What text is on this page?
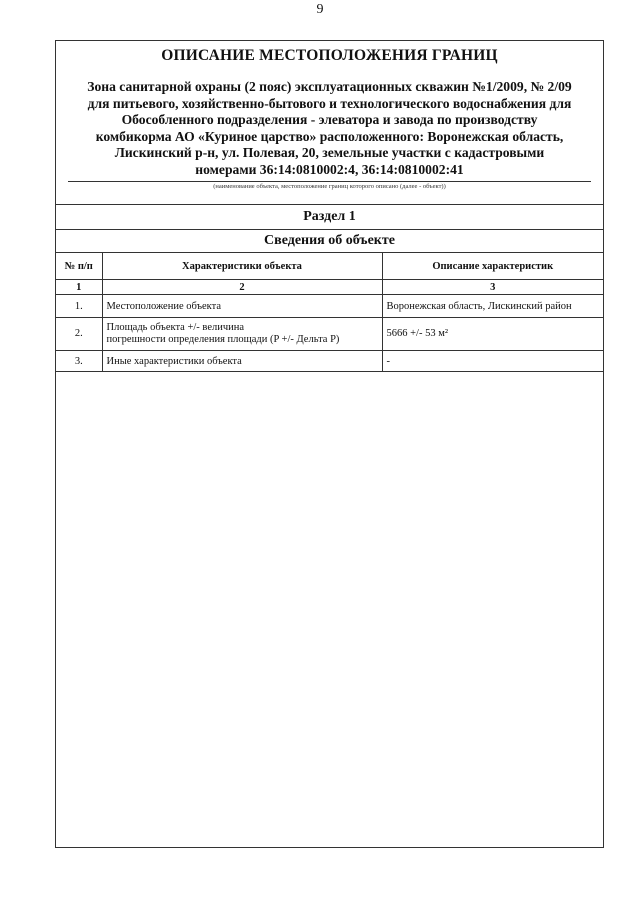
9
ОПИСАНИЕ МЕСТОПОЛОЖЕНИЯ ГРАНИЦ
Зона санитарной охраны (2 пояс) эксплуатационных скважин №1/2009, № 2/09
для питьевого, хозяйственно-бытового и технологического водоснабжения для
Обособленного подразделения - элеватора и завода по производству
комбикорма АО «Куриное царство» расположенного: Воронежская область,
Лискинский р-н, ул. Полевая, 20, земельные участки с кадастровыми
номерами 36:14:0810002:4, 36:14:0810002:41
(наименование объекта, местоположение границ которого описано (далее - объект))
Раздел 1
Сведения об объекте
№ п/п	Характеристики объекта	Описание характеристик
1	2	3
1.	Местоположение объекта	Воронежская область, Лискинский район
2.	Площадь объекта +/- величина
погрешности определения площади (P +/- Дельта P)	5666 +/- 53 м²
3.	Иные характеристики объекта	-
